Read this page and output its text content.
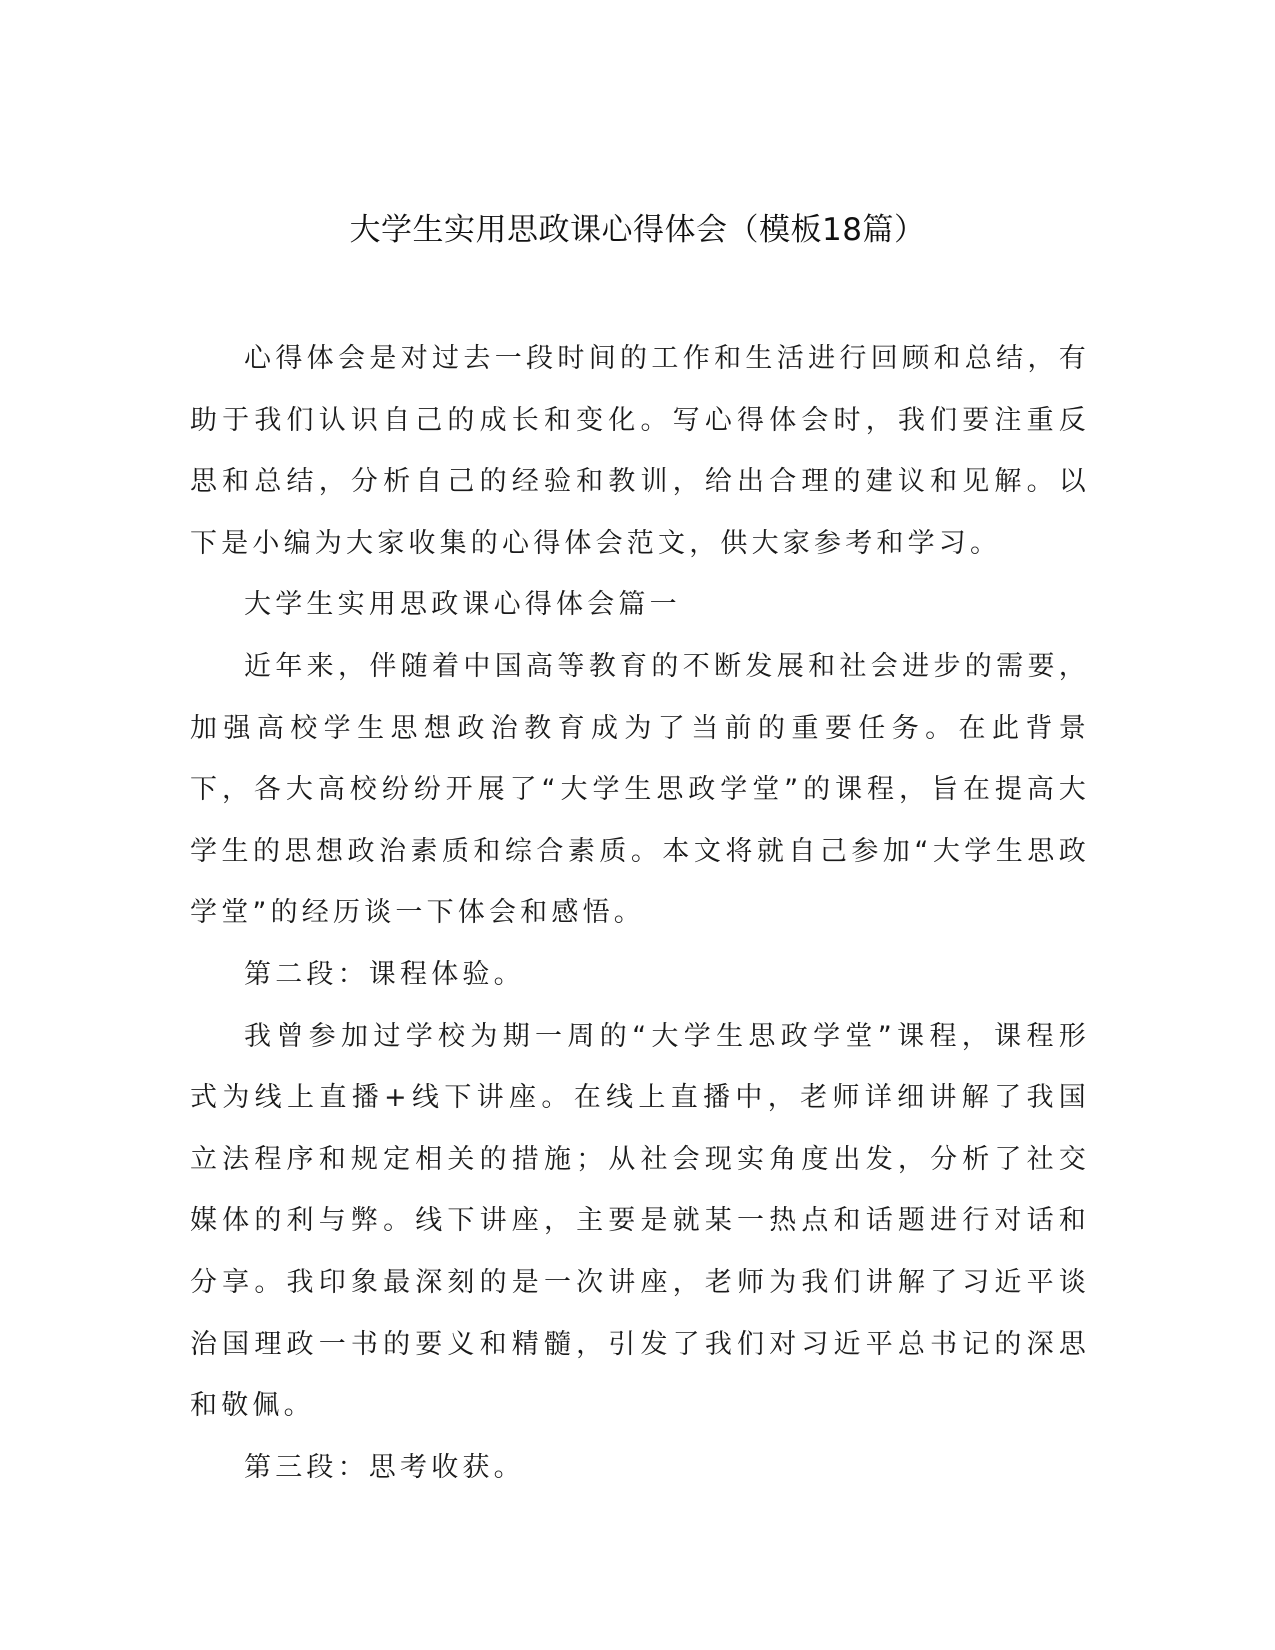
大学生实用思政课心得体会（模板18篇）

心得体会是对过去一段时间的工作和生活进行回顾和总结，有助于我们认识自己的成长和变化。写心得体会时，我们要注重反思和总结，分析自己的经验和教训，给出合理的建议和见解。以下是小编为大家收集的心得体会范文，供大家参考和学习。

大学生实用思政课心得体会篇一

近年来，伴随着中国高等教育的不断发展和社会进步的需要，加强高校学生思想政治教育成为了当前的重要任务。在此背景下，各大高校纷纷开展了“大学生思政学堂”的课程，旨在提高大学生的思想政治素质和综合素质。本文将就自己参加“大学生思政学堂”的经历谈一下体会和感悟。

第二段：课程体验。

我曾参加过学校为期一周的“大学生思政学堂”课程，课程形式为线上直播+线下讲座。在线上直播中，老师详细讲解了我国立法程序和规定相关的措施；从社会现实角度出发，分析了社交媒体的利与弊。线下讲座，主要是就某一热点和话题进行对话和分享。我印象最深刻的是一次讲座，老师为我们讲解了习近平谈治国理政一书的要义和精髓，引发了我们对习近平总书记的深思和敬佩。

第三段：思考收获。
